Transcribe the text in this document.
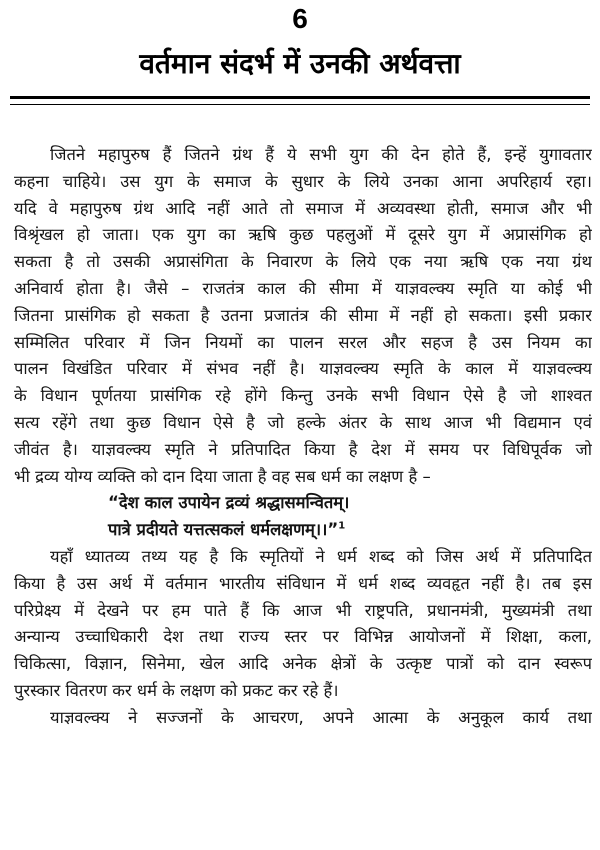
6
वर्तमान संदर्भ में उनकी अर्थवत्ता
जितने महापुरुष हैं जितने ग्रंथ हैं ये सभी युग की देन होते हैं, इन्हें युगावतार
कहना चाहिये। उस युग के समाज के सुधार के लिये उनका आना अपरिहार्य रहा।
यदि वे महापुरुष ग्रंथ आदि नहीं आते तो समाज में अव्यवस्था होती, समाज और भी
विश्रृंखल हो जाता। एक युग का ऋषि कुछ पहलुओं में दूसरे युग में अप्रासंगिक हो
सकता है तो उसकी अप्रासंगिता के निवारण के लिये एक नया ऋषि एक नया ग्रंथ
अनिवार्य होता है। जैसे – राजतंत्र काल की सीमा में याज्ञवल्क्य स्मृति या कोई भी
जितना प्रासंगिक हो सकता है उतना प्रजातंत्र की सीमा में नहीं हो सकता। इसी प्रकार
सम्मिलित परिवार में जिन नियमों का पालन सरल और सहज है उस नियम का
पालन विखंडित परिवार में संभव नहीं है। याज्ञवल्क्य स्मृति के काल में याज्ञवल्क्य
के विधान पूर्णतया प्रासंगिक रहे होंगे किन्तु उनके सभी विधान ऐसे है जो शाश्वत
सत्य रहेंगे तथा कुछ विधान ऐसे है जो हल्के अंतर के साथ आज भी विद्यमान एवं
जीवंत है। याज्ञवल्क्य स्मृति ने प्रतिपादित किया है देश में समय पर विधिपूर्वक जो
भी द्रव्य योग्य व्यक्ति को दान दिया जाता है वह सब धर्म का लक्षण है –
“देश काल उपायेन द्रव्यं श्रद्धासमन्वितम्।
पात्रे प्रदीयते यत्तत्सकलं धर्मलक्षणम्।।”$^1$
यहाँ ध्यातव्य तथ्य यह है कि स्मृतियों ने धर्म शब्द को जिस अर्थ में प्रतिपादित
किया है उस अर्थ में वर्तमान भारतीय संविधान में धर्म शब्द व्यवहृत नहीं है। तब इस
परिप्रेक्ष्य में देखने पर हम पाते हैं कि आज भी राष्ट्रपति, प्रधानमंत्री, मुख्यमंत्री तथा
अन्यान्य उच्चाधिकारी देश तथा राज्य स्तर पर विभिन्न आयोजनों में शिक्षा, कला,
चिकित्सा, विज्ञान, सिनेमा, खेल आदि अनेक क्षेत्रों के उत्कृष्ट पात्रों को दान स्वरूप
पुरस्कार वितरण कर धर्म के लक्षण को प्रकट कर रहे हैं।
याज्ञवल्क्य ने सज्जनों के आचरण, अपने आत्मा के अनुकूल कार्य तथा
